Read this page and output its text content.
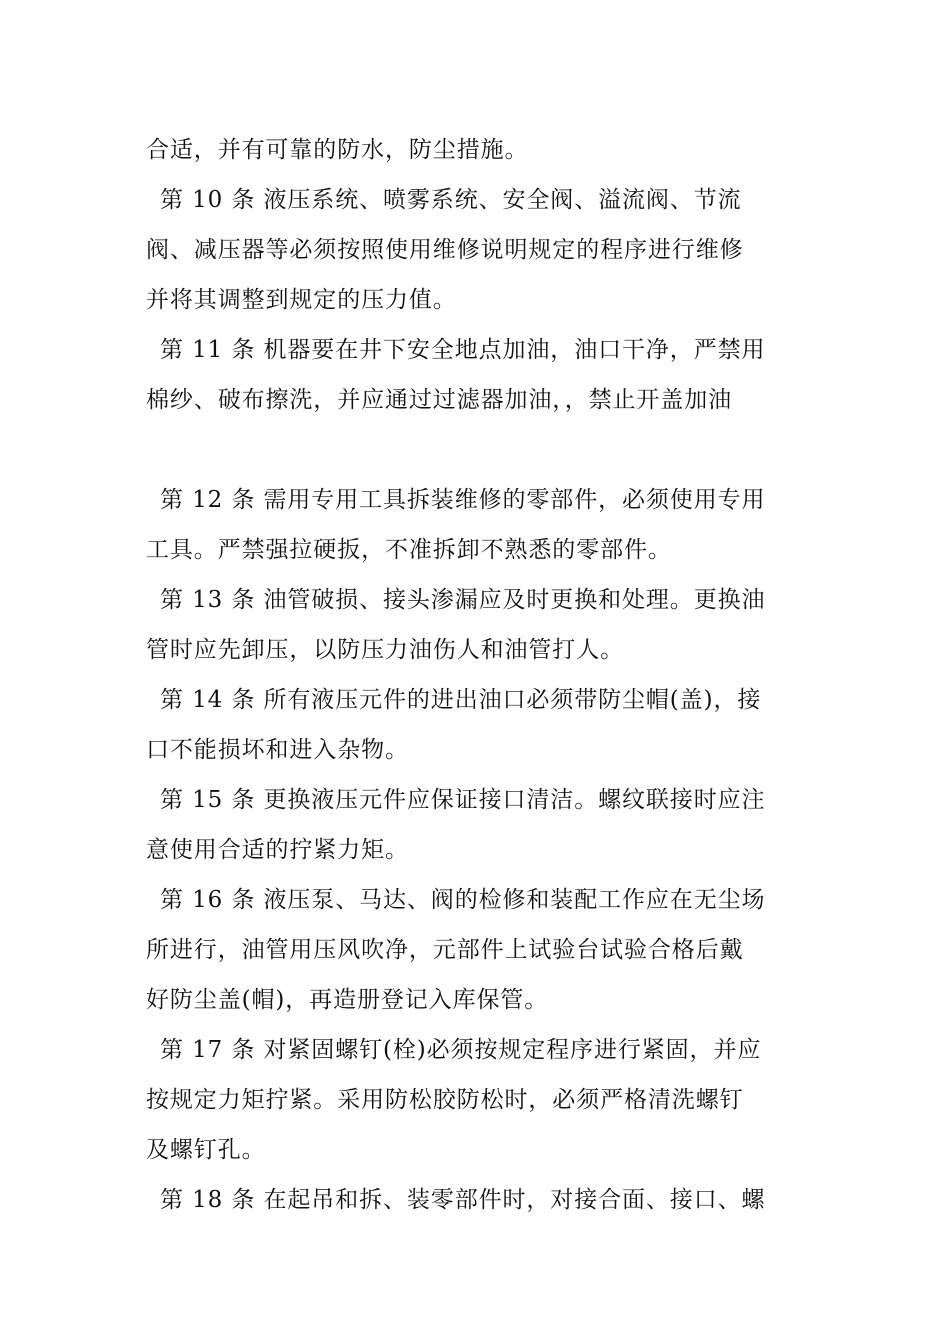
合适，并有可靠的防水，防尘措施。
第 10 条 液压系统、喷雾系统、安全阀、溢流阀、节流
阀、减压器等必须按照使用维修说明规定的程序进行维修
并将其调整到规定的压力值。
第 11 条 机器要在井下安全地点加油，油口干净，严禁用
棉纱、破布擦洗，并应通过过滤器加油，，禁止开盖加油
第 12 条 需用专用工具拆装维修的零部件，必须使用专用
工具。严禁强拉硬扳，不准拆卸不熟悉的零部件。
第 13 条 油管破损、接头渗漏应及时更换和处理。更换油
管时应先卸压，以防压力油伤人和油管打人。
第 14 条 所有液压元件的进出油口必须带防尘帽(盖)，接
口不能损坏和进入杂物。
第 15 条 更换液压元件应保证接口清洁。螺纹联接时应注
意使用合适的拧紧力矩。
第 16 条 液压泵、马达、阀的检修和装配工作应在无尘场
所进行，油管用压风吹净，元部件上试验台试验合格后戴
好防尘盖(帽)，再造册登记入库保管。
第 17 条 对紧固螺钉(栓)必须按规定程序进行紧固，并应
按规定力矩拧紧。采用防松胶防松时，必须严格清洗螺钉
及螺钉孔。
第 18 条 在起吊和拆、装零部件时，对接合面、接口、螺
